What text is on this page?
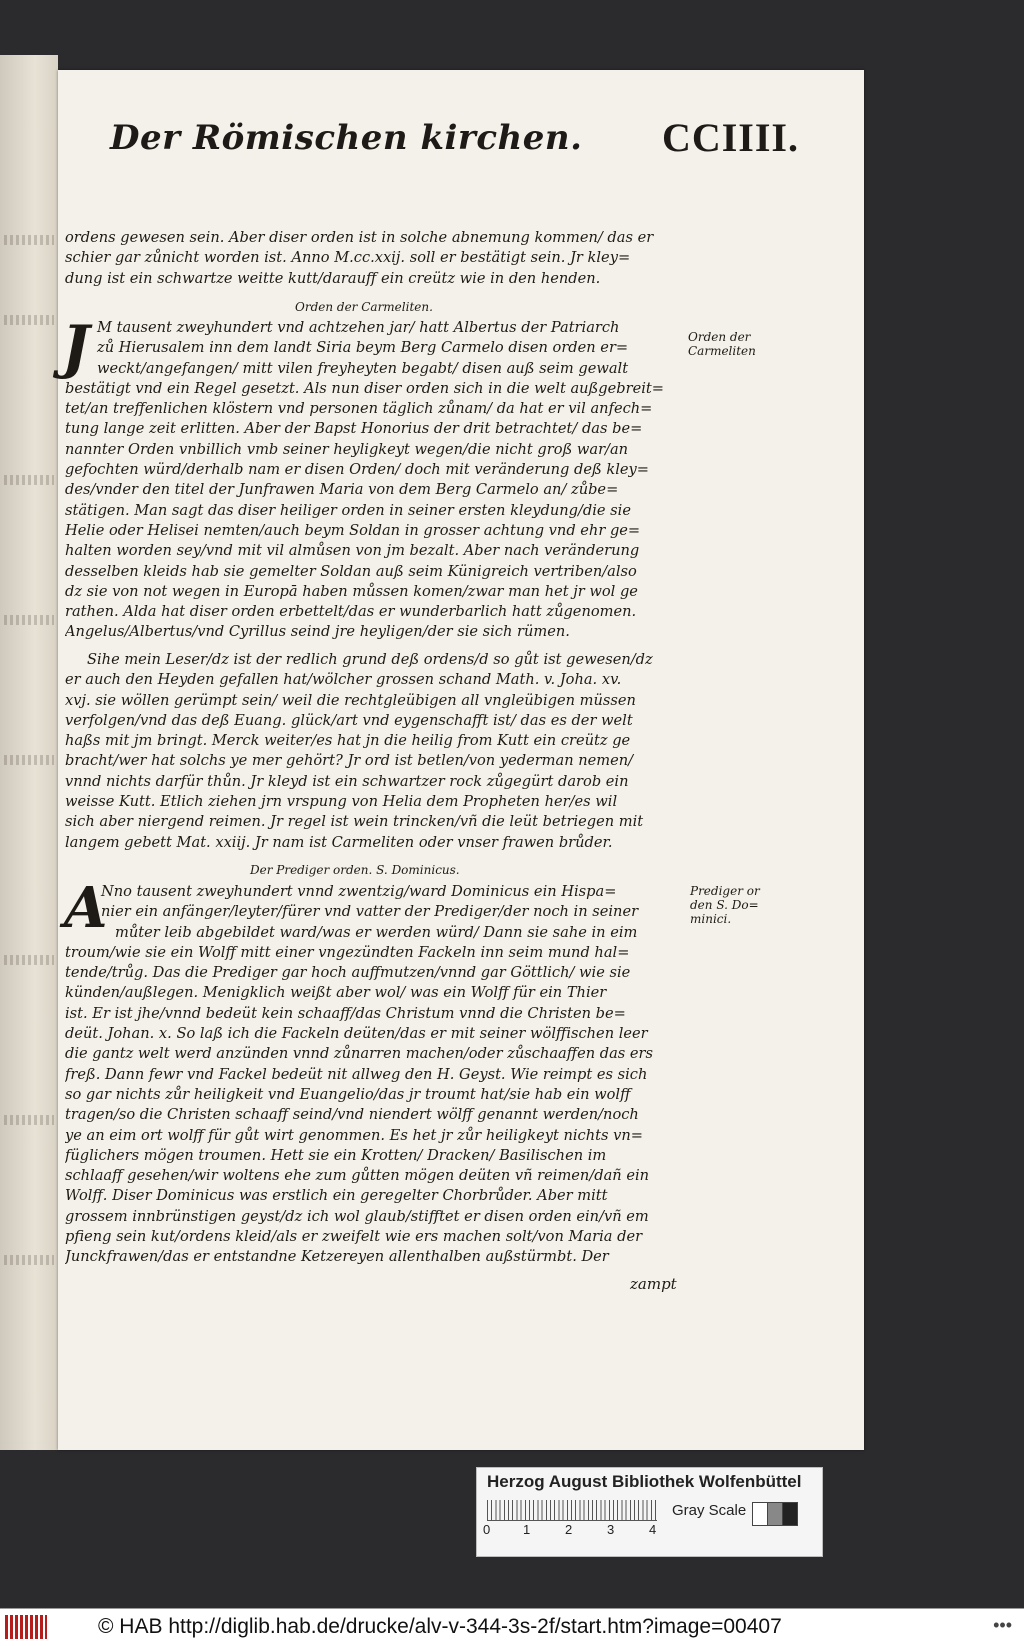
Der Römischen kirchen. CCIIII.
ordens gewesen sein. Aber diser orden ist in solche abnemung kommen/ das er
schier gar zůnicht worden ist. Anno M.cc.xxij. soll er bestätigt sein. Jr kley=
dung ist ein schwartze weitte kutt/darauff ein creütz wie in den henden.
Orden der Carmeliten.
J M tausent zweyhundert vnd achtzehen jar/ hatt Albertus der Patriarch
zů Hierusalem inn dem landt Siria beym Berg Carmelo disen orden er=
weckt/angefangen/ mitt vilen freyheyten begabt/ disen auß seim gewalt
bestätigt vnd ein Regel gesetzt. Als nun diser orden sich in die welt außgebreit=
tet/an treffenlichen klöstern vnd personen täglich zůnam/ da hat er vil anfech=
tung lange zeit erlitten. Aber der Bapst Honorius der drit betrachtet/ das be=
nannter Orden vnbillich vmb seiner heyligkeyt wegen/die nicht groß war/an
gefochten würd/derhalb nam er disen Orden/ doch mit veränderung deß kley=
des/vnder den titel der Junfrawen Maria von dem Berg Carmelo an/ zůbe=
stätigen. Man sagt das diser heiliger orden in seiner ersten kleydung/die sie
Helie oder Helisei nemten/auch beym Soldan in grosser achtung vnd ehr ge=
halten worden sey/vnd mit vil almůsen von jm bezalt. Aber nach veränderung
desselben kleids hab sie gemelter Soldan auß seim Künigreich vertriben/also
dz sie von not wegen in Europā haben můssen komen/zwar man het jr wol ge
rathen. Alda hat diser orden erbettelt/das er wunderbarlich hatt zůgenomen.
Angelus/Albertus/vnd Cyrillus seind jre heyligen/der sie sich rümen.
Orden der
Carmeliten
Sihe mein Leser/dz ist der redlich grund deß ordens/d so gůt ist gewesen/dz
er auch den Heyden gefallen hat/wölcher grossen schand Math. v. Joha. xv.
xvj. sie wöllen gerümpt sein/ weil die rechtgleübigen all vngleübigen müssen
verfolgen/vnd das deß Euang. glück/art vnd eygenschafft ist/ das es der welt
haßs mit jm bringt. Merck weiter/es hat jn die heilig from Kutt ein creütz ge
bracht/wer hat solchs ye mer gehört? Jr ord ist betlen/von yederman nemen/
vnnd nichts darfür thůn. Jr kleyd ist ein schwartzer rock zůgegürt darob ein
weisse Kutt. Etlich ziehen jrn vrspung von Helia dem Propheten her/es wil
sich aber niergend reimen. Jr regel ist wein trincken/vñ die leüt betriegen mit
langem gebett Mat. xxiij. Jr nam ist Carmeliten oder vnser frawen brůder.
Der Prediger orden. S. Dominicus.
A
Nno tausent zweyhundert vnnd zwentzig/ward Dominicus ein Hispa=
nier ein anfänger/leyter/fürer vnd vatter der Prediger/der noch in seiner
můter leib abgebildet ward/was er werden würd/ Dann sie sahe in eim
troum/wie sie ein Wolff mitt einer vngezündten Fackeln inn seim mund hal=
tende/trůg. Das die Prediger gar hoch auffmutzen/vnnd gar Göttlich/ wie sie
künden/außlegen. Menigklich weißt aber wol/ was ein Wolff für ein Thier
ist. Er ist jhe/vnnd bedeüt kein schaaff/das Christum vnnd die Christen be=
deüt. Johan. x. So laß ich die Fackeln deüten/das er mit seiner wölffischen leer
die gantz welt werd anzünden vnnd zůnarren machen/oder zůschaaffen das ers
freß. Dann fewr vnd Fackel bedeüt nit allweg den H. Geyst. Wie reimpt es sich
so gar nichts zůr heiligkeit vnd Euangelio/das jr troumt hat/sie hab ein wolff
tragen/so die Christen schaaff seind/vnd niendert wölff genannt werden/noch
ye an eim ort wolff für gůt wirt genommen. Es het jr zůr heiligkeyt nichts vn=
füglichers mögen troumen. Hett sie ein Krotten/ Dracken/ Basilischen im
schlaaff gesehen/wir woltens ehe zum gůtten mögen deüten vñ reimen/dañ ein
Wolff. Diser Dominicus was erstlich ein geregelter Chorbrůder. Aber mitt
grossem innbrünstigen geyst/dz ich wol glaub/stifftet er disen orden ein/vñ em
pfieng sein kut/ordens kleid/als er zweifelt wie ers machen solt/von Maria der
Junckfrawen/das er entstandne Ketzereyen allenthalben außstürmbt. Der
Prediger or
den S. Do=
minici.
zampt
Herzog August Bibliothek Wolfenbüttel
0	1	2	3	4
Gray Scale
© HAB http://diglib.hab.de/drucke/alv-v-344-3s-2f/start.htm?image=00407	•••
